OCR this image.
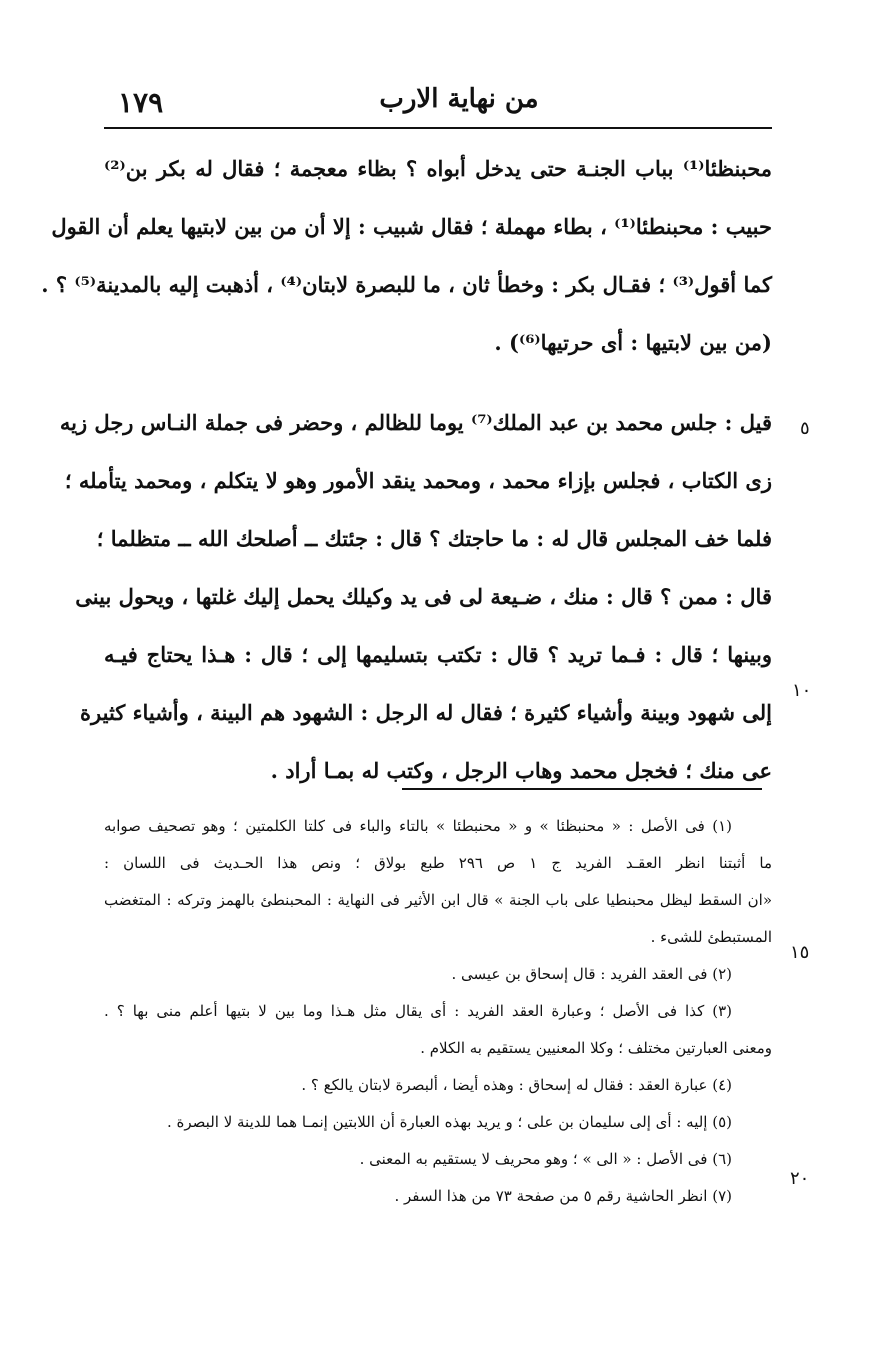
١٧٩	من نهاية الارب
محبنظئا⁽¹⁾ بباب الجنـة حتى يدخل أبواه ؟ بظاء معجمة ؛ فقال له بكر بن⁽²⁾
حبيب : محبنطئا⁽¹⁾ ، بطاء مهملة ؛ فقال شبيب : إلا أن من بين لابتيها يعلم أن القول
كما أقول⁽³⁾ ؛ فقـال بكر : وخطأ ثان ، ما للبصرة لابتان⁽⁴⁾ ، أذهبت إليه بالمدينة⁽⁵⁾ ؟ .
(من بين لابتيها : أى حرتيها⁽⁶⁾) .
قيل : جلس محمد بن عبد الملك⁽⁷⁾ يوما للظالم ، وحضر فى جملة النـاس رجل زيه
زى الكتاب ، فجلس بإزاء محمد ، ومحمد ينقد الأمور وهو لا يتكلم ، ومحمد يتأمله ؛
فلما خف المجلس قال له : ما حاجتك ؟ قال : جئتك ــ أصلحك الله ــ متظلما ؛
قال : ممن ؟ قال : منك ، ضـيعة لى فى يد وكيلك يحمل إليك غلتها ، ويحول بينى
وبينها ؛ قال : فـما تريد ؟ قال : تكتب بتسليمها إلى ؛ قال : هـذا يحتاج فيـه
إلى شهود وبينة وأشياء كثيرة ؛ فقال له الرجل : الشهود هم البينة ، وأشياء كثيرة
عى منك ؛ فخجل محمد وهاب الرجل ، وكتب له بمـا أراد .
٥
١٠
(١) فى الأصل : « محنبظئا » و « محنبطئا » بالتاء والباء فى كلتا الكلمتين ؛ وهو تصحيف صوابه
ما أثبتنا انظر العقـد الفريد ج ١ ص ٢٩٦ طبع بولاق ؛ ونص هذا الحـديث فى اللسان :
«ان السقط ليظل محبنطيا على باب الجنة » قال ابن الأثير فى النهاية : المحبنطئ بالهمز وتركه : المتغضب
المستبطئ للشىء .
(٢) فى العقد الفريد : قال إسحاق بن عيسى .
(٣) كذا فى الأصل ؛ وعبارة العقد الفريد : أى يقال مثل هـذا وما بين لا بتيها أعلم منى بها ؟ .
ومعنى العبارتين مختلف ؛ وكلا المعنيين يستقيم به الكلام .
(٤) عبارة العقد : فقال له إسحاق : وهذه أيضا ، ألبصرة لابتان يالكع ؟ .
(٥) إليه : أى إلى سليمان بن على ؛ و يريد بهذه العبارة أن اللابتين إنمـا هما للدينة لا البصرة .
(٦) فى الأصل : « الى » ؛ وهو محريف لا يستقيم به المعنى .
(٧) انظر الحاشية رقم ٥ من صفحة ٧٣ من هذا السفر .
١٥
٢٠
